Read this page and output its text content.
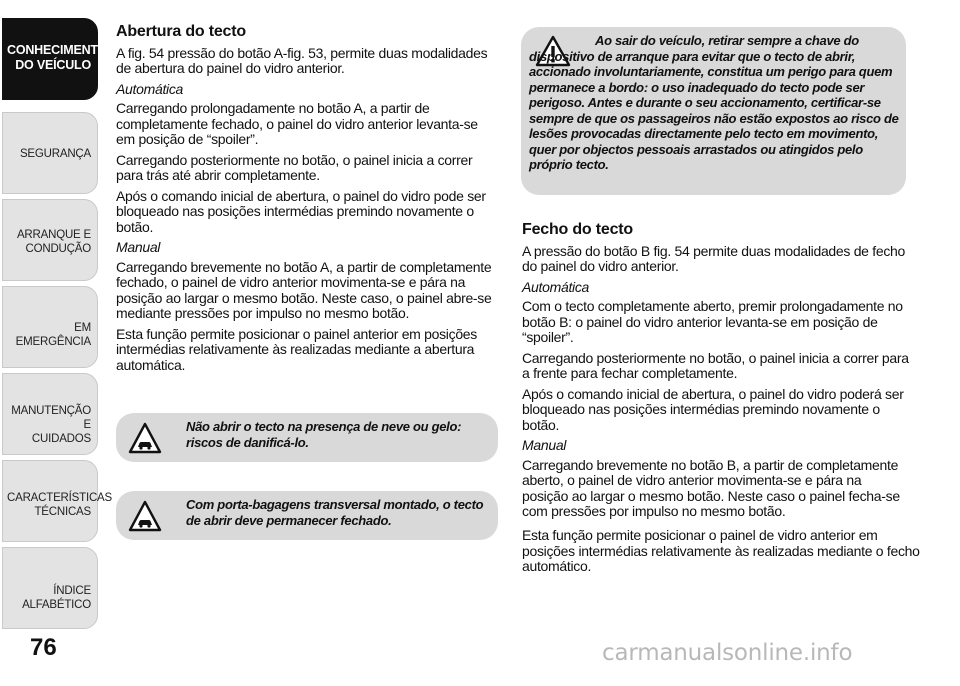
CONHECIMENTO
DO VEÍCULO
SEGURANÇA
ARRANQUE E
CONDUÇÃO
EM EMERGÊNCIA
MANUTENÇÃO E
CUIDADOS
CARACTERÍSTICAS
TÉCNICAS
ÍNDICE ALFABÉTICO
76
Abertura do tecto

A fig. 54 pressão do botão A-fig. 53, permite duas modalidades de abertura do painel do vidro anterior.

Automática

Carregando prolongadamente no botão A, a partir de completamente fechado, o painel do vidro anterior levanta-se em posição de “spoiler”.

Carregando posteriormente no botão, o painel inicia a correr para trás até abrir completamente.

Após o comando inicial de abertura, o painel do vidro pode ser bloqueado nas posições intermédias premindo novamente o botão.

Manual

Carregando brevemente no botão A, a partir de completamente fechado, o painel de vidro anterior movimenta-se e pára na posição ao largar o mesmo botão. Neste caso, o painel abre-se mediante pressões por impulso no mesmo botão.

Esta função permite posicionar o painel anterior em posições intermédias relativamente às realizadas mediante a abertura automática.

Não abrir o tecto na presença de neve ou gelo: riscos de danificá-lo.
Com porta-bagagens transversal montado, o tecto de abrir deve permanecer fechado.
Ao sair do veículo, retirar sempre a chave do dispositivo de arranque para evitar que o tecto de abrir, accionado involuntariamente, constitua um perigo para quem permanece a bordo: o uso inadequado do tecto pode ser perigoso. Antes e durante o seu accionamento, certificar-se sempre de que os passageiros não estão expostos ao risco de lesões provocadas directamente pelo tecto em movimento, quer por objectos pessoais arrastados ou atingidos pelo próprio tecto.
Fecho do tecto

A pressão do botão B fig. 54 permite duas modalidades de fecho do painel do vidro anterior.

Automática

Com o tecto completamente aberto, premir prolongadamente no botão B: o painel do vidro anterior levanta-se em posição de “spoiler”.

Carregando posteriormente no botão, o painel inicia a correr para a frente para fechar completamente.

Após o comando inicial de abertura, o painel do vidro poderá ser bloqueado nas posições intermédias premindo novamente o botão.

Manual

Carregando brevemente no botão B, a partir de completamente aberto, o painel de vidro anterior movimenta-se e pára na posição ao largar o mesmo botão. Neste caso o painel fecha-se com pressões por impulso no mesmo botão.

Esta função permite posicionar o painel de vidro anterior em posições intermédias relativamente às realizadas mediante o fecho automático.
carmanualsonline.info
